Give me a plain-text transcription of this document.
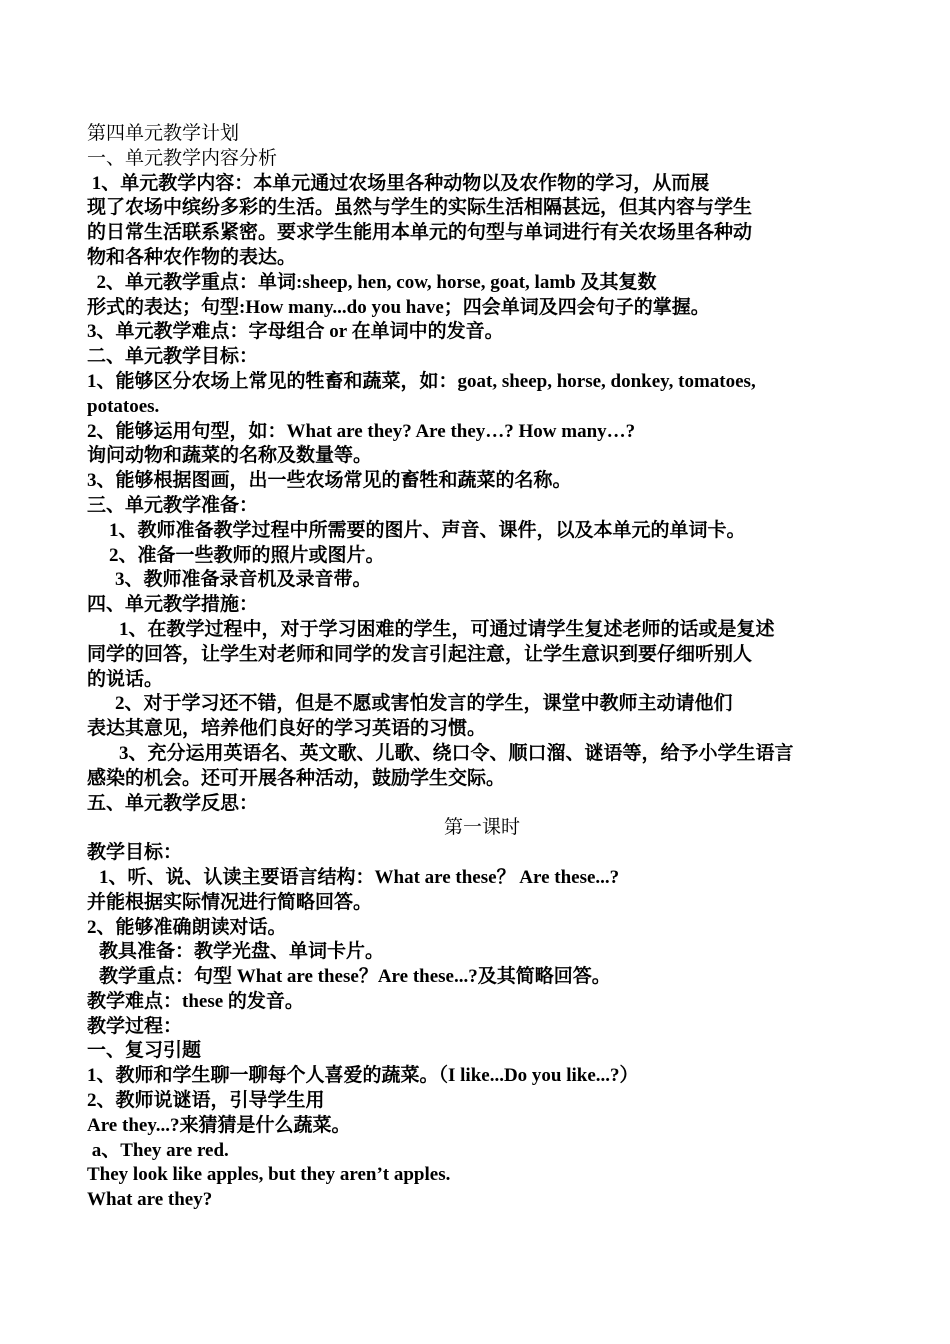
第四单元教学计划
一、单元教学内容分析
1、单元教学内容：本单元通过农场里各种动物以及农作物的学习，从而展
现了农场中缤纷多彩的生活。虽然与学生的实际生活相隔甚远，但其内容与学生
的日常生活联系紧密。要求学生能用本单元的句型与单词进行有关农场里各种动
物和各种农作物的表达。
2、单元教学重点：单词:sheep, hen, cow, horse, goat, lamb 及其复数
形式的表达；句型:How many...do you have；四会单词及四会句子的掌握。
3、单元教学难点：字母组合 or 在单词中的发音。
二、单元教学目标：
1、能够区分农场上常见的牲畜和蔬菜，如：goat, sheep, horse, donkey, tomatoes,
potatoes.
2、能够运用句型，如：What are they? Are they…? How many…?
询问动物和蔬菜的名称及数量等。
3、能够根据图画，出一些农场常见的畜牲和蔬菜的名称。
三、单元教学准备：
1、教师准备教学过程中所需要的图片、声音、课件，以及本单元的单词卡。
2、准备一些教师的照片或图片。
3、教师准备录音机及录音带。
四、单元教学措施：
1、在教学过程中，对于学习困难的学生，可通过请学生复述老师的话或是复述
同学的回答，让学生对老师和同学的发言引起注意，让学生意识到要仔细听别人
的说话。
2、对于学习还不错，但是不愿或害怕发言的学生，课堂中教师主动请他们
表达其意见，培养他们良好的学习英语的习惯。
3、充分运用英语名、英文歌、儿歌、绕口令、顺口溜、谜语等，给予小学生语言
感染的机会。还可开展各种活动，鼓励学生交际。
五、单元教学反思：
第一课时
教学目标：
1、听、说、认读主要语言结构：What are these？ Are these...?
并能根据实际情况进行简略回答。
2、能够准确朗读对话。
教具准备：教学光盘、单词卡片。
教学重点：句型 What are these？Are these...?及其简略回答。
教学难点：these 的发音。
教学过程：
一、复习引题
1、教师和学生聊一聊每个人喜爱的蔬菜。（I like...Do you like...?）
2、教师说谜语，引导学生用
Are they...?来猜猜是什么蔬菜。
a、They are red.
They look like apples, but they aren’t apples.
What are they?
